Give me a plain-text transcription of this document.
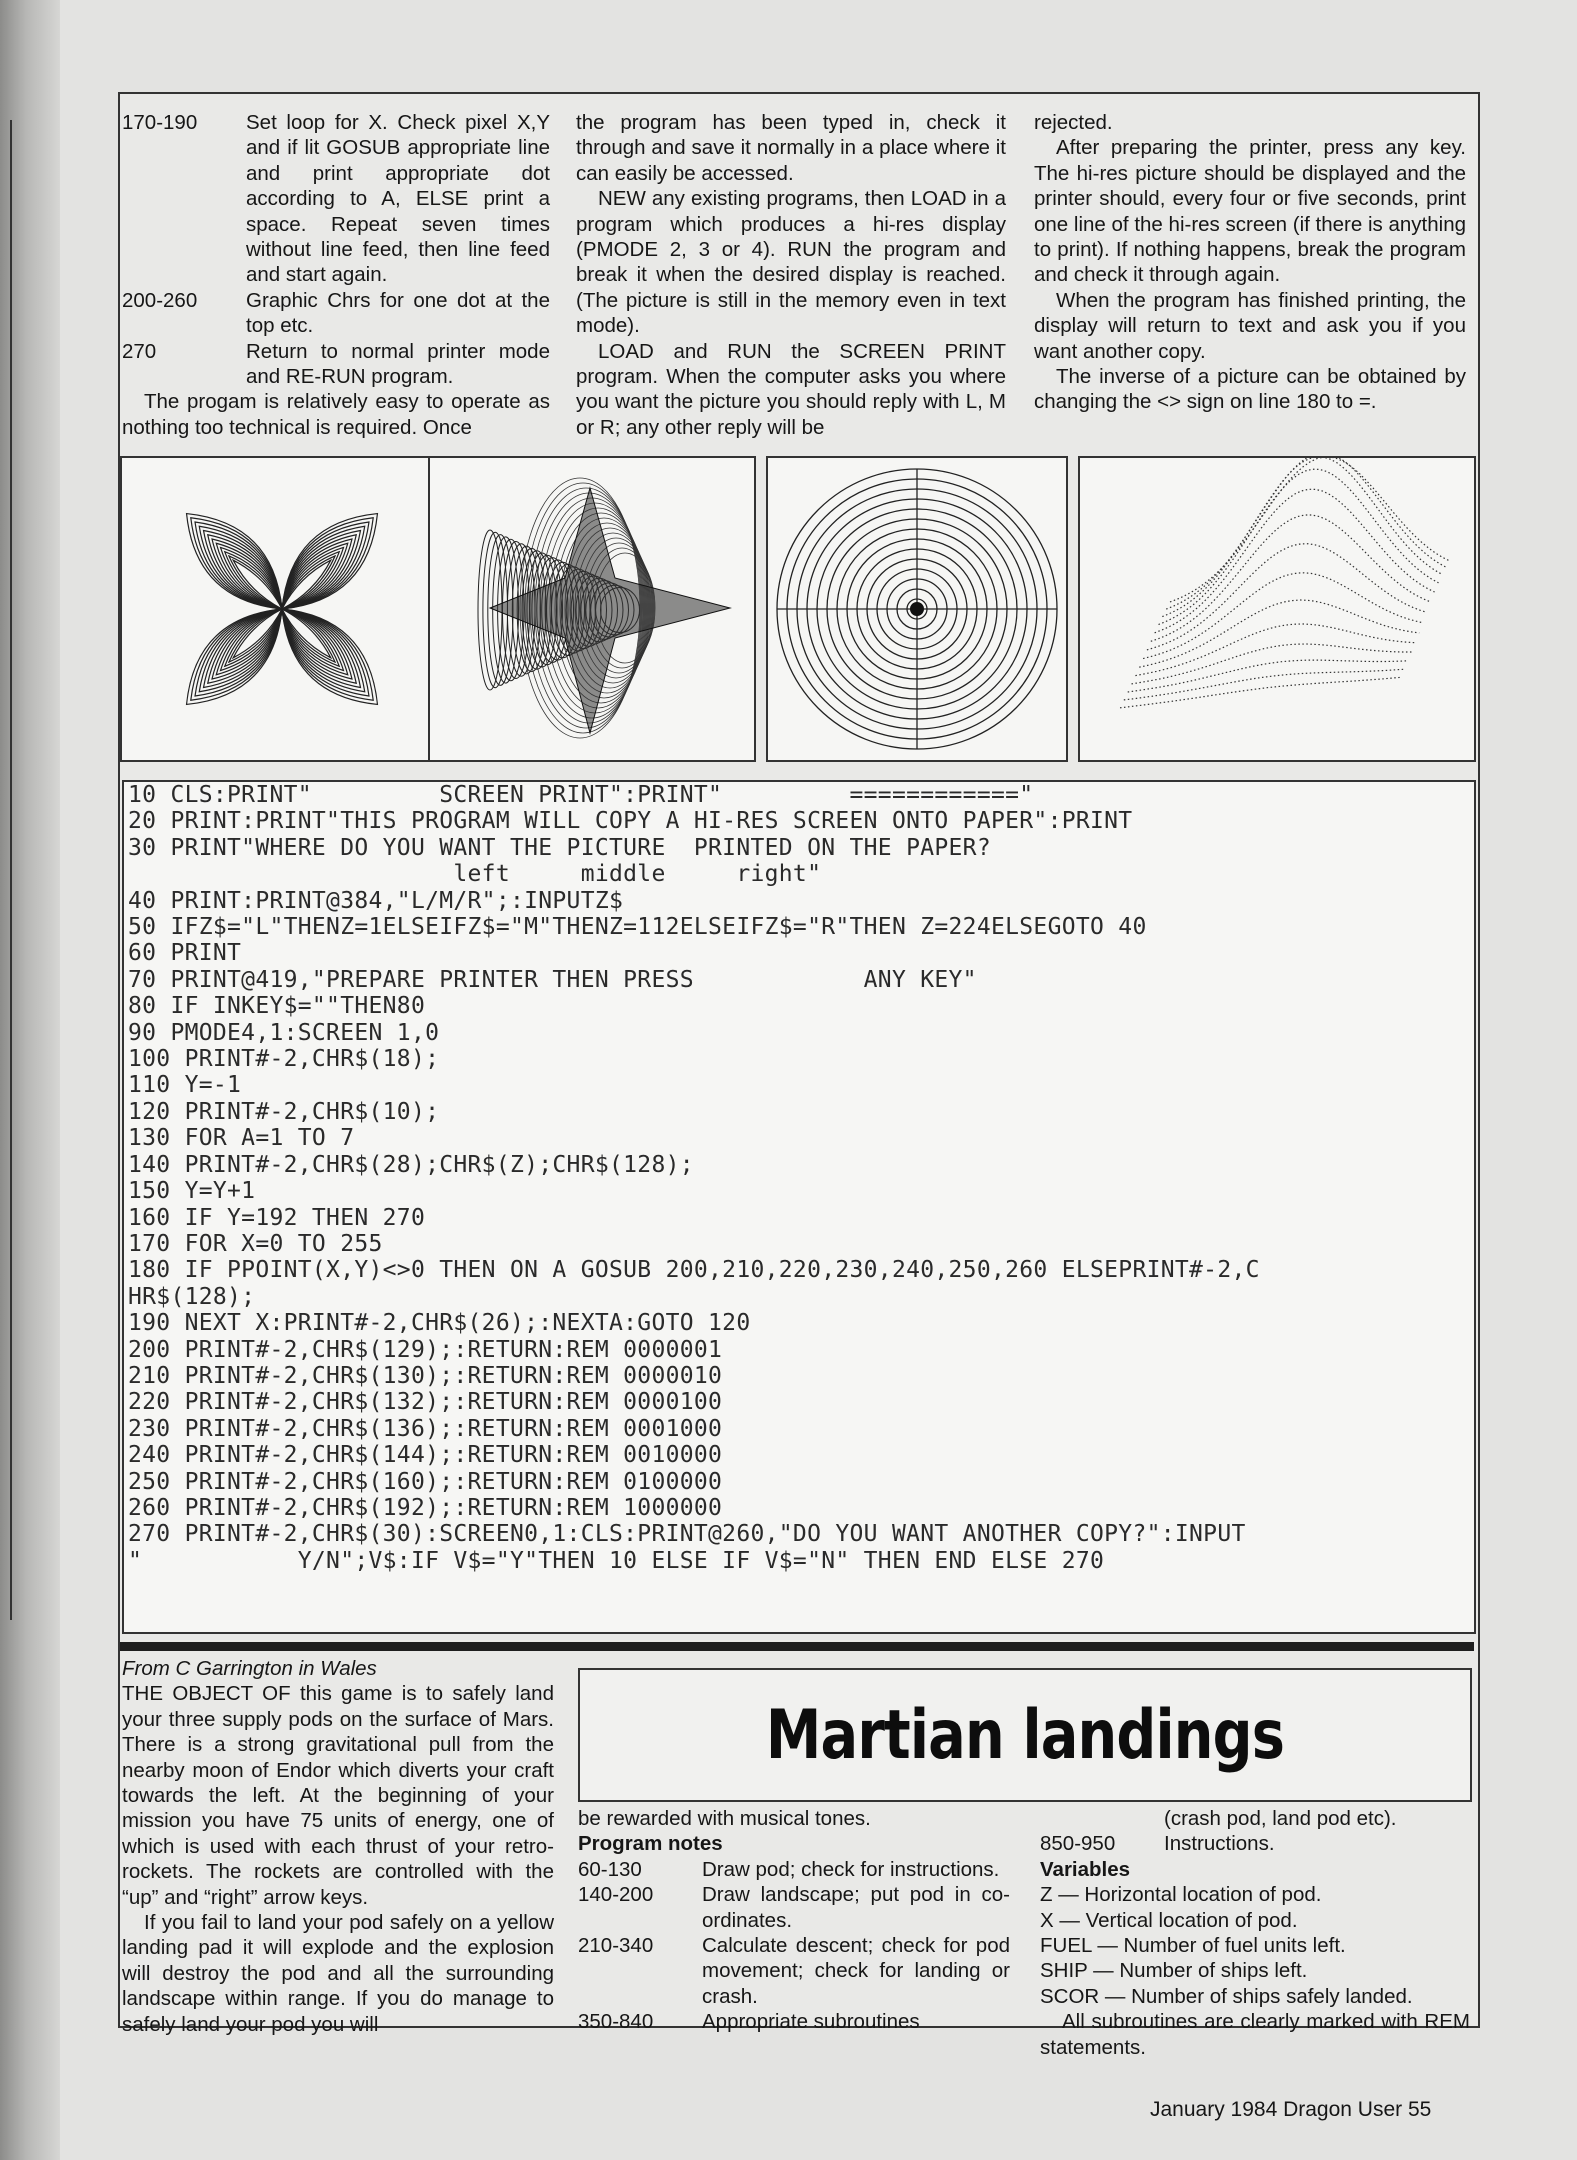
170-190	Set loop for X. Check pixel X,Y and if lit GOSUB appropriate line and print appropriate dot according to A, ELSE print a space. Repeat seven times without line feed, then line feed and start again.
200-260	Graphic Chrs for one dot at the top etc.
270	Return to normal printer mode and RE-RUN program.

The progam is relatively easy to operate as nothing too technical is required. Once

the program has been typed in, check it through and save it normally in a place where it can easily be accessed.

NEW any existing programs, then LOAD in a program which produces a hi-res display (PMODE 2, 3 or 4). RUN the program and break it when the desired display is reached. (The picture is still in the memory even in text mode).

LOAD and RUN the SCREEN PRINT program. When the computer asks you where you want the picture you should reply with L, M or R; any other reply will be

rejected.

After preparing the printer, press any key. The hi-res picture should be displayed and the printer should, every four or five seconds, print one line of the hi-res screen (if there is anything to print). If nothing happens, break the program and check it through again.

When the program has finished printing, the display will return to text and ask you if you want another copy.

The inverse of a picture can be obtained by changing the <> sign on line 180 to =.

10 CLS:PRINT"         SCREEN PRINT":PRINT"         ============"
20 PRINT:PRINT"THIS PROGRAM WILL COPY A HI-RES SCREEN ONTO PAPER":PRINT
30 PRINT"WHERE DO YOU WANT THE PICTURE  PRINTED ON THE PAPER?
left     middle     right"
40 PRINT:PRINT@384,"L/M/R";:INPUTZ$
50 IFZ$="L"THENZ=1ELSEIFZ$="M"THENZ=112ELSEIFZ$="R"THEN Z=224ELSEGOTO 40
60 PRINT
70 PRINT@419,"PREPARE PRINTER THEN PRESS            ANY KEY"
80 IF INKEY$=""THEN80
90 PMODE4,1:SCREEN 1,0
100 PRINT#-2,CHR$(18);
110 Y=-1
120 PRINT#-2,CHR$(10);
130 FOR A=1 TO 7
140 PRINT#-2,CHR$(28);CHR$(Z);CHR$(128);
150 Y=Y+1
160 IF Y=192 THEN 270
170 FOR X=0 TO 255
180 IF PPOINT(X,Y)<>0 THEN ON A GOSUB 200,210,220,230,240,250,260 ELSEPRINT#-2,C
HR$(128);
190 NEXT X:PRINT#-2,CHR$(26);:NEXTA:GOTO 120
200 PRINT#-2,CHR$(129);:RETURN:REM 0000001
210 PRINT#-2,CHR$(130);:RETURN:REM 0000010
220 PRINT#-2,CHR$(132);:RETURN:REM 0000100
230 PRINT#-2,CHR$(136);:RETURN:REM 0001000
240 PRINT#-2,CHR$(144);:RETURN:REM 0010000
250 PRINT#-2,CHR$(160);:RETURN:REM 0100000
260 PRINT#-2,CHR$(192);:RETURN:REM 1000000
270 PRINT#-2,CHR$(30):SCREEN0,1:CLS:PRINT@260,"DO YOU WANT ANOTHER COPY?":INPUT
"           Y/N";V$:IF V$="Y"THEN 10 ELSE IF V$="N" THEN END ELSE 270

From C Garrington in Wales

THE OBJECT OF this game is to safely land your three supply pods on the surface of Mars. There is a strong gravitational pull from the nearby moon of Endor which diverts your craft towards the left. At the beginning of your mission you have 75 units of energy, one of which is used with each thrust of your retro-rockets. The rockets are controlled with the “up” and “right” arrow keys.

If you fail to land your pod safely on a yellow landing pad it will explode and the explosion will destroy the pod and all the surrounding landscape within range. If you do manage to safely land your pod you will

Martian landings

be rewarded with musical tones.

Program notes

60-130	Draw pod; check for instructions.
140-200	Draw landscape; put pod in co-ordinates.
210-340	Calculate descent; check for pod movement; check for landing or crash.
350-840	Appropriate subroutines

(crash pod, land pod etc).

850-950	Instructions.

Variables

Z — Horizontal location of pod.

X — Vertical location of pod.

FUEL — Number of fuel units left.

SHIP — Number of ships left.

SCOR — Number of ships safely landed.

All subroutines are clearly marked with REM statements.

January 1984 Dragon User 55
